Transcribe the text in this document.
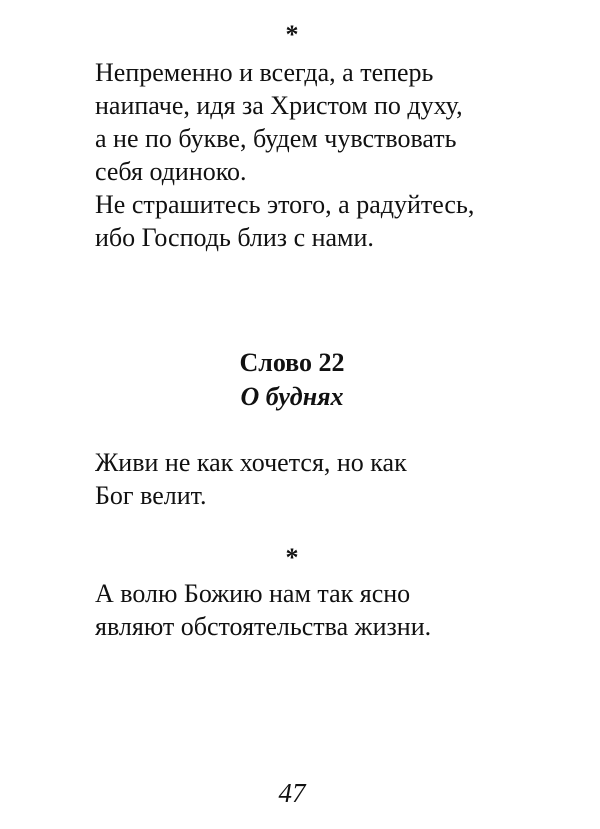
*
Непременно и всегда, а теперь
наипаче, идя за Христом по духу,
а не по букве, будем чувствовать
себя одиноко.
Не страшитесь этого, а радуйтесь,
ибо Господь близ с нами.
Слово 22
О буднях
Живи не как хочется, но как
Бог велит.
*
А волю Божию нам так ясно
являют обстоятельства жизни.
47
